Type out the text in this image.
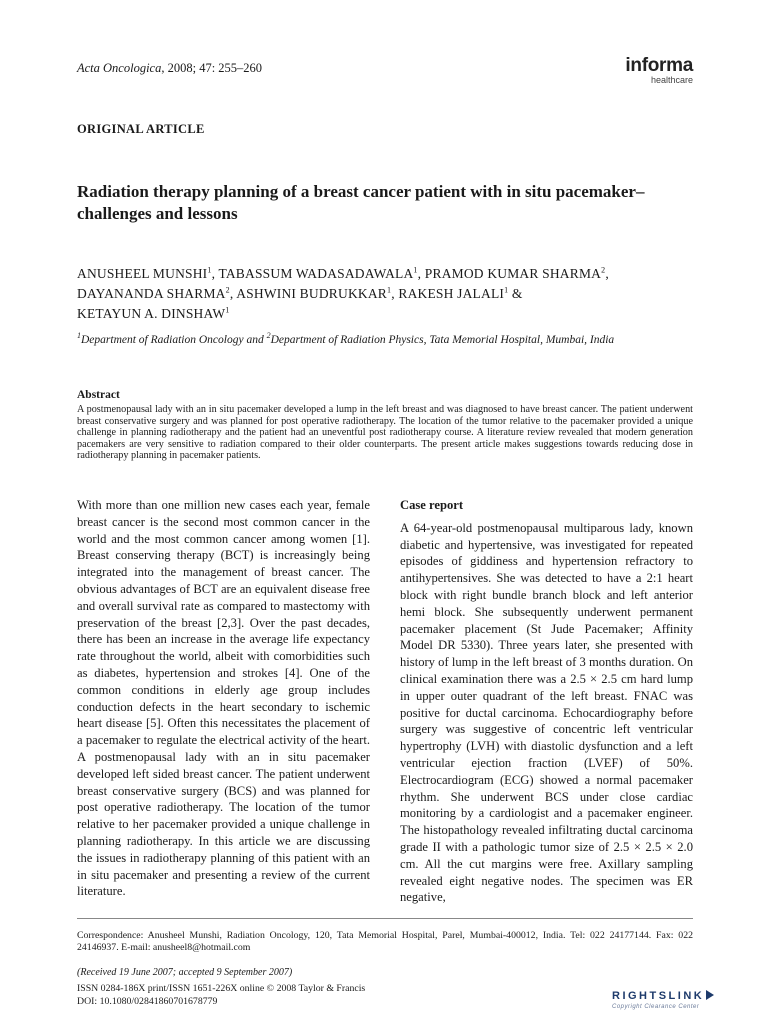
Acta Oncologica, 2008; 47: 255–260	informa
healthcare
ORIGINAL ARTICLE
Radiation therapy planning of a breast cancer patient with in situ pacemaker–challenges and lessons
ANUSHEEL MUNSHI$^1$, TABASSUM WADASADAWALA$^1$, PRAMOD KUMAR SHARMA$^2$, DAYANANDA SHARMA$^2$, ASHWINI BUDRUKKAR$^1$, RAKESH JALALI$^1$ &
KETAYUN A. DINSHAW$^1$
$^1$Department of Radiation Oncology and $^2$Department of Radiation Physics, Tata Memorial Hospital, Mumbai, India
Abstract
A postmenopausal lady with an in situ pacemaker developed a lump in the left breast and was diagnosed to have breast cancer. The patient underwent breast conservative surgery and was planned for post operative radiotherapy. The location of the tumor relative to the pacemaker provided a unique challenge in planning radiotherapy and the patient had an uneventful post radiotherapy course. A literature review revealed that modern generation pacemakers are very sensitive to radiation compared to their older counterparts. The present article makes suggestions towards reducing dose in radiotherapy planning in pacemaker patients.
With more than one million new cases each year, female breast cancer is the second most common cancer in the world and the most common cancer among women [1]. Breast conserving therapy (BCT) is increasingly being integrated into the management of breast cancer. The obvious advantages of BCT are an equivalent disease free and overall survival rate as compared to mastectomy with preservation of the breast [2,3]. Over the past decades, there has been an increase in the average life expectancy rate throughout the world, albeit with comorbidities such as diabetes, hypertension and strokes [4]. One of the common conditions in elderly age group includes conduction defects in the heart secondary to ischemic heart disease [5]. Often this necessitates the placement of a pacemaker to regulate the electrical activity of the heart. A postmenopausal lady with an in situ pacemaker developed left sided breast cancer. The patient underwent breast conservative surgery (BCS) and was planned for post operative radiotherapy. The location of the tumor relative to her pacemaker provided a unique challenge in planning radiotherapy. In this article we are discussing the issues in radiotherapy planning of this patient with an in situ pacemaker and presenting a review of the current literature.
Case report
A 64-year-old postmenopausal multiparous lady, known diabetic and hypertensive, was investigated for repeated episodes of giddiness and hypertension refractory to antihypertensives. She was detected to have a 2:1 heart block with right bundle branch block and left anterior hemi block. She subsequently underwent permanent pacemaker placement (St Jude Pacemaker; Affinity Model DR 5330). Three years later, she presented with history of lump in the left breast of 3 months duration. On clinical examination there was a 2.5 × 2.5 cm hard lump in upper outer quadrant of the left breast. FNAC was positive for ductal carcinoma. Echocardiography before surgery was suggestive of concentric left ventricular hypertrophy (LVH) with diastolic dysfunction and a left ventricular ejection fraction (LVEF) of 50%. Electrocardiogram (ECG) showed a normal pacemaker rhythm. She underwent BCS under close cardiac monitoring by a cardiologist and a pacemaker engineer. The histopathology revealed infiltrating ductal carcinoma grade II with a pathologic tumor size of 2.5 × 2.5 × 2.0 cm. All the cut margins were free. Axillary sampling revealed eight negative nodes. The specimen was ER negative,
Correspondence: Anusheel Munshi, Radiation Oncology, 120, Tata Memorial Hospital, Parel, Mumbai-400012, India. Tel: 022 24177144. Fax: 022 24146937. E-mail: anusheel8@hotmail.com
(Received 19 June 2007; accepted 9 September 2007)
ISSN 0284-186X print/ISSN 1651-226X online © 2008 Taylor & Francis
DOI: 10.1080/02841860701678779	RIGHTSLINK
Copyright Clearance Center
